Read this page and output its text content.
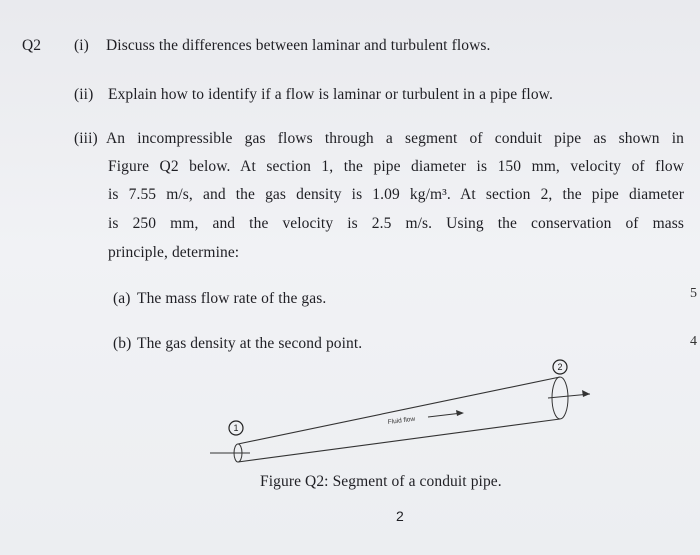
Q2 (i) Discuss the differences between laminar and turbulent flows.
(ii) Explain how to identify if a flow is laminar or turbulent in a pipe flow.
(iii) An incompressible gas flows through a segment of conduit pipe as shown in
Figure Q2 below. At section 1, the pipe diameter is 150 mm, velocity of flow
is 7.55 m/s, and the gas density is 1.09 kg/m³. At section 2, the pipe diameter
is 250 mm, and the velocity is 2.5 m/s. Using the conservation of mass
principle, determine:
(a) The mass flow rate of the gas.
(b) The gas density at the second point.
5
4
2
1
Fluid flow
Figure Q2: Segment of a conduit pipe.
2
